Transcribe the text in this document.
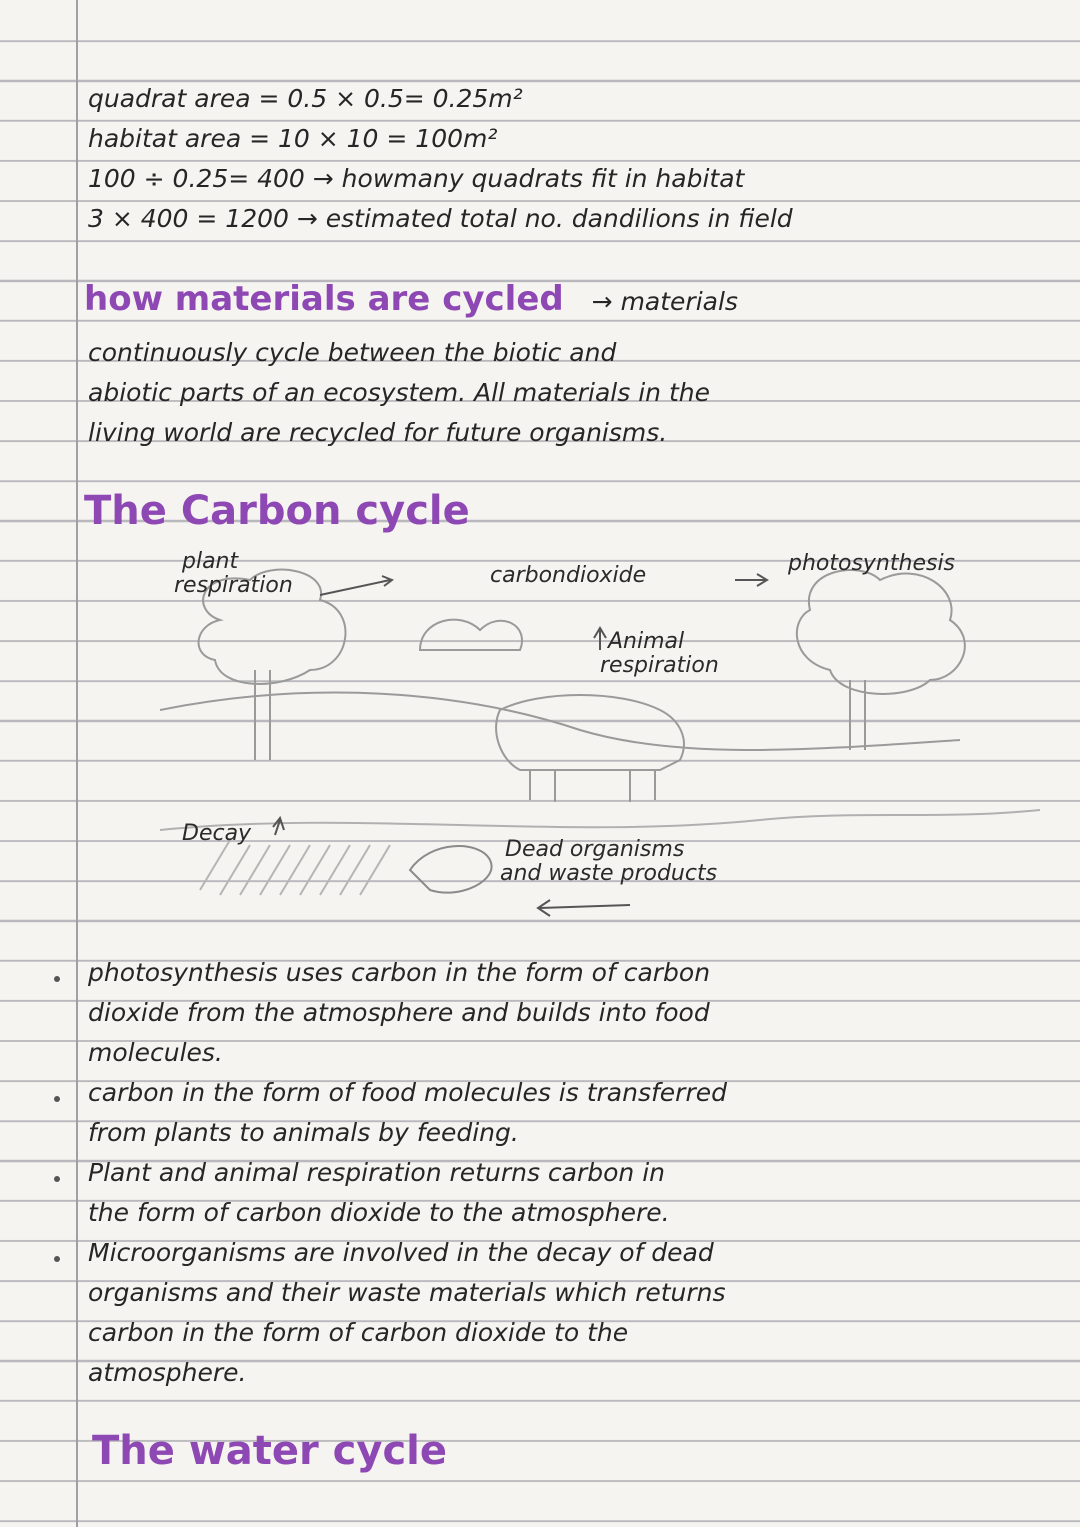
quadrat area = 0.5 × 0.5= 0.25m²
habitat area = 10 × 10 = 100m²
100 ÷ 0.25= 400 → howmany quadrats fit in habitat
3 × 400 = 1200 → estimated total no. dandilions in field
how materials are cycled → materials
continuously cycle between the biotic and
abiotic parts of an ecosystem. All materials in the
living world are recycled for future organisms.
The Carbon cycle
plant
respiration	carbondioxide	photosynthesis
Animal
respiration
Decay
Dead organisms
and waste products
photosynthesis uses carbon in the form of carbon
dioxide from the atmosphere and builds into food
molecules.
carbon in the form of food molecules is transferred
from plants to animals by feeding.
Plant and animal respiration returns carbon in
the form of carbon dioxide to the atmosphere.
Microorganisms are involved in the decay of dead
organisms and their waste materials which returns
carbon in the form of carbon dioxide to the
atmosphere.
The water cycle
